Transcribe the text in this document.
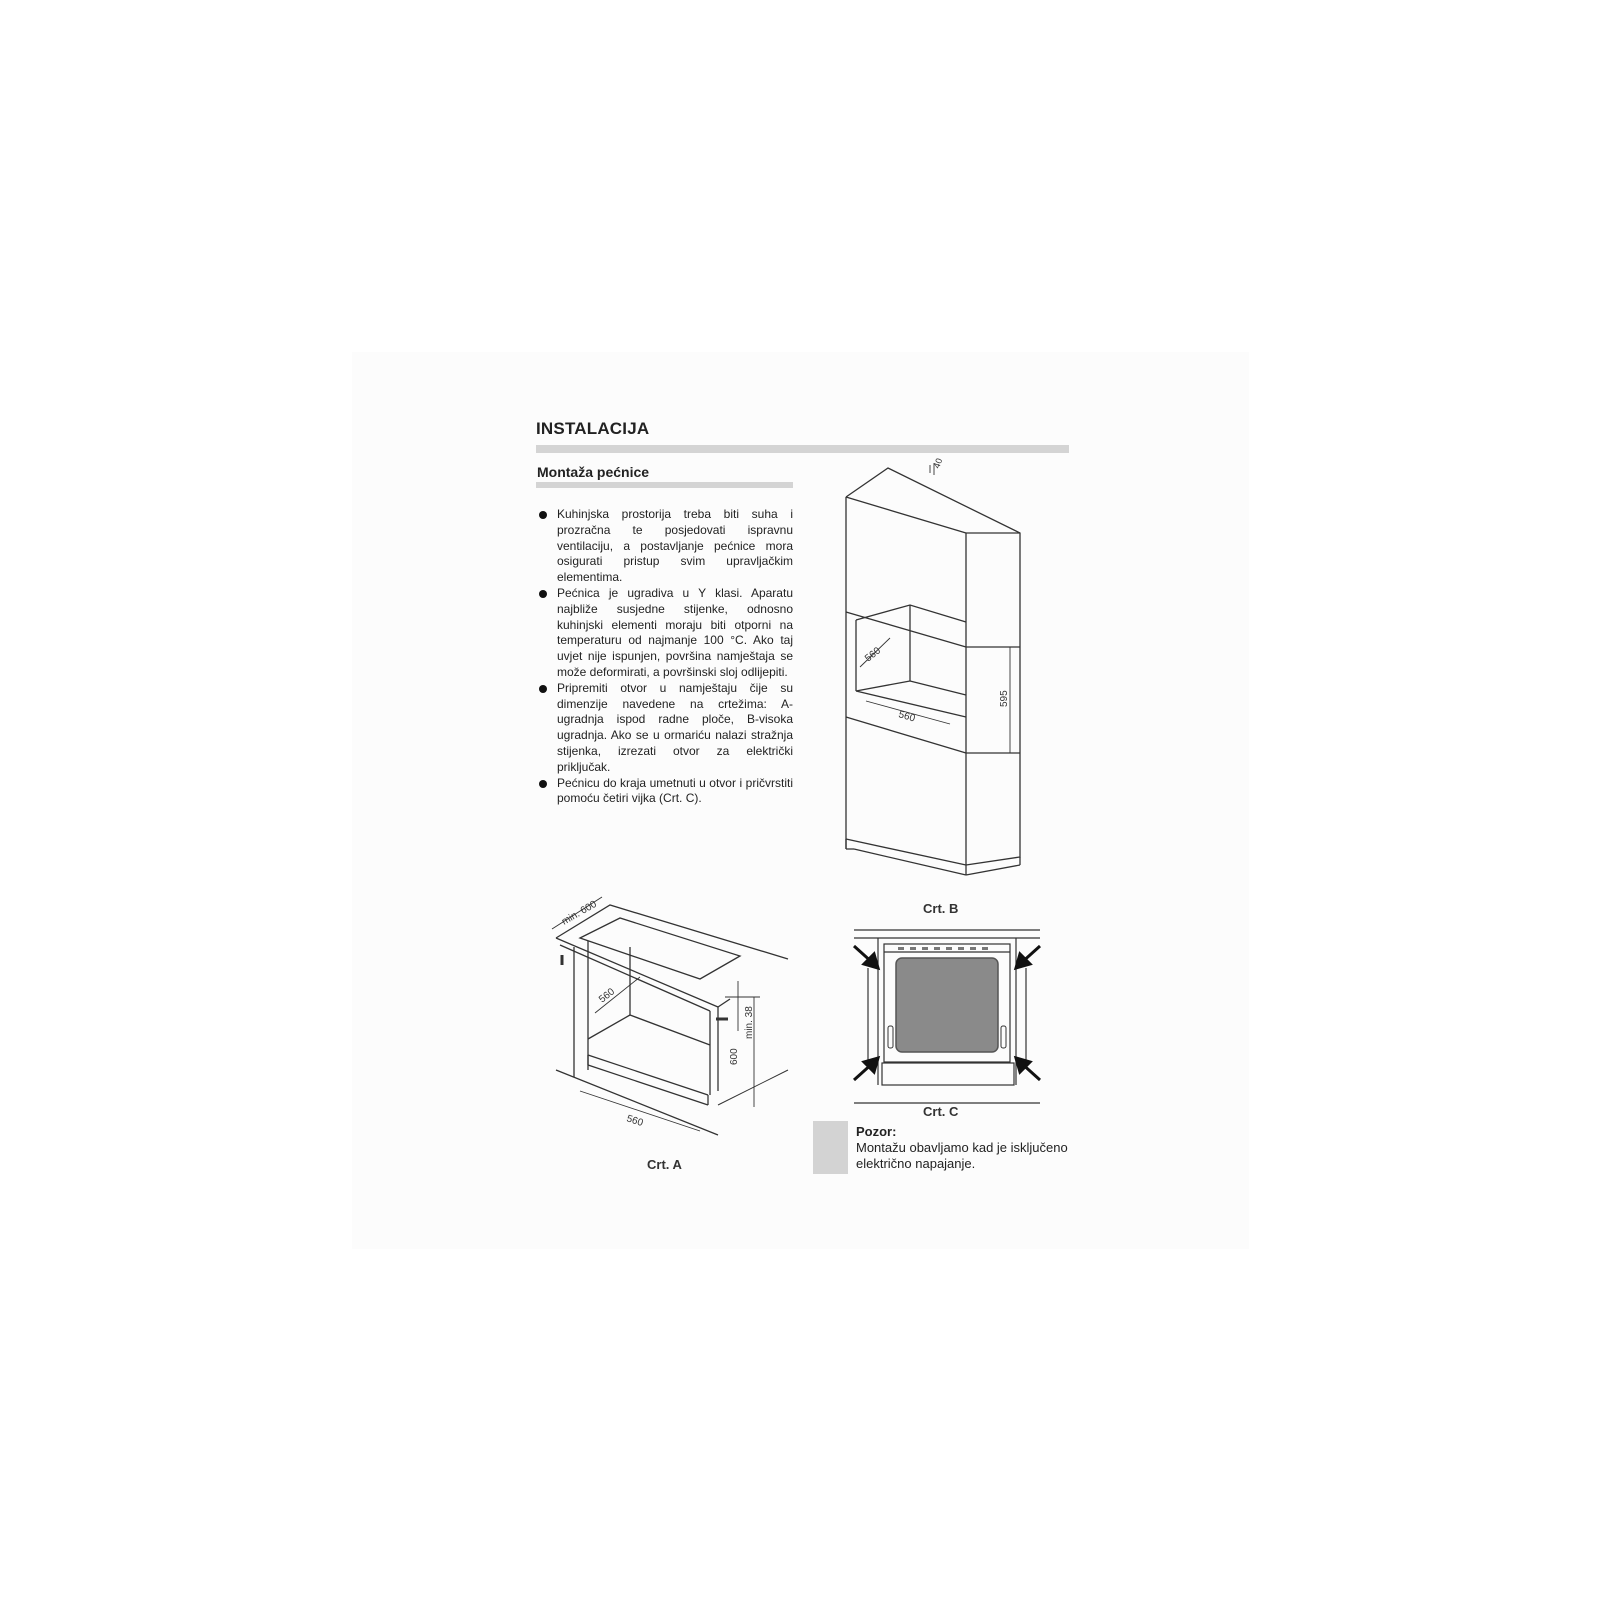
INSTALACIJA
Montaža pećnice
Kuhinjska prostorija treba biti suha i prozračna te posjedovati ispravnu ventilaciju, a postavljanje pećnice mora osigurati pristup svim upravljačkim elementima.
Pećnica je ugradiva u Y klasi. Aparatu najbliže susjedne stijenke, odnosno kuhinjski elementi moraju biti otporni na temperaturu od najmanje 100 °C. Ako taj uvjet nije ispunjen, površina namještaja se može deformirati, a površinski sloj odlijepiti.
Pripremiti otvor u namještaju čije su dimenzije navedene na crtežima: A-ugradnja ispod radne ploče, B-visoka ugradnja. Ako se u ormariću nalazi stražnja stijenka, izrezati otvor za električki priključak.
Pećnicu do kraja umetnuti u otvor i pričvrstiti pomoću četiri vijka (Crt. C).
560
560
595
40
Crt. B
min. 600
560
600
min. 38
560
Crt. A
Crt. C
Pozor:
Montažu obavljamo kad je isključeno električno napajanje.
